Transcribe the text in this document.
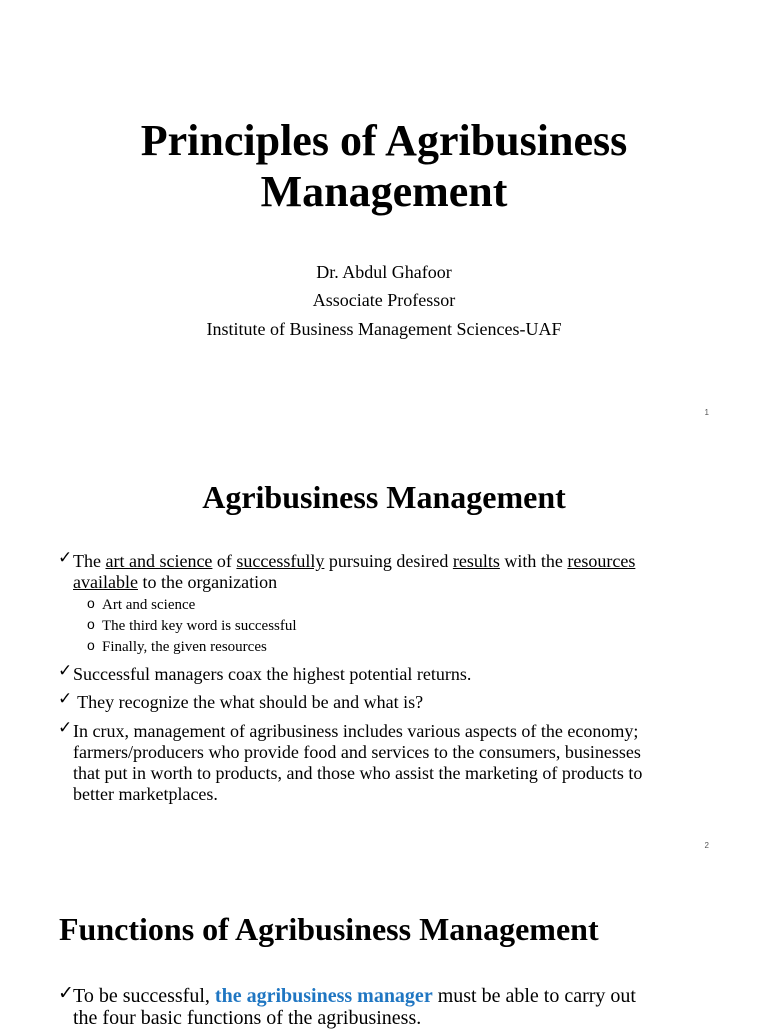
Principles of Agribusiness
Management
Dr. Abdul Ghafoor
Associate Professor
Institute of Business Management Sciences-UAF
1
Agribusiness Management
✓ The art and science of successfully pursuing desired results with the resources
available to the organization
o Art and science
o The third key word is successful
o Finally, the given resources
✓ Successful managers coax the highest potential returns.
✓ They recognize the what should be and what is?
✓ In crux, management of agribusiness includes various aspects of the economy;
farmers/producers who provide food and services to the consumers, businesses
that put in worth to products, and those who assist the marketing of products to
better marketplaces.
2
Functions of Agribusiness Management
✓ To be successful, the agribusiness manager must be able to carry out
the four basic functions of the agribusiness.
